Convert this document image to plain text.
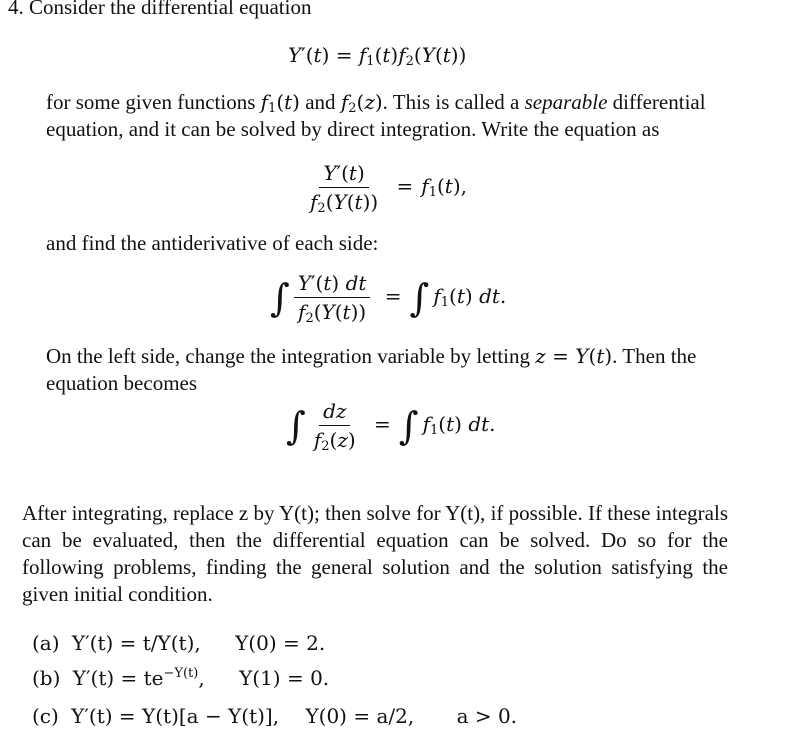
4. Consider the differential equation
$Y'(t) = f_1(t)f_2(Y(t))$
for some given functions $f_1(t)$ and $f_2(z)$. This is called a separable differential
equation, and it can be solved by direct integration. Write the equation as
$\frac{Y'(t)}{f_2(Y(t))} = f_1(t)$,
and find the antiderivative of each side:
∫ $\frac{Y'(t) dt}{f_2(Y(t))}$ = ∫ $f_1(t)$ dt.
On the left side, change the integration variable by letting z = Y(t). Then the
equation becomes
∫ $\frac{dz}{f_2(z)}$ = ∫ $f_1(t)$ dt.
After integrating, replace z by Y(t); then solve for Y(t), if possible. If these integrals can be evaluated, then the differential equation can be solved. Do so for the following problems, finding the general solution and the solution satisfying the given initial condition.
(a) Y′(t) = t/Y(t), Y(0) = 2.
(b) $Y'(t) = te^{-Y(t)}$, Y(1) = 0.
(c) Y′(t) = Y(t)[a − Y(t)], Y(0) = a/2, a > 0.
